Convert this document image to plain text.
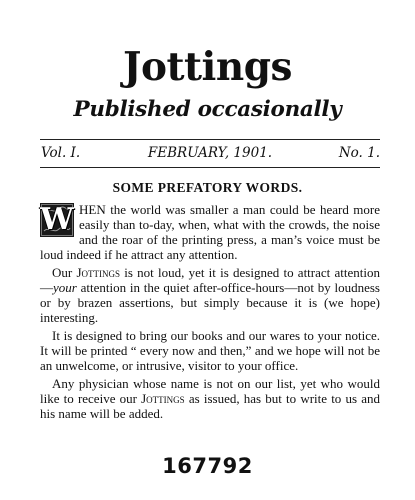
Jottings
Published occasionally
Vol. I.	FEBRUARY, 1901.	No. 1.
SOME PREFATORY WORDS.

W HEN the world was smaller a man could be heard more easily than to-day, when, what with the crowds, the noise and the roar of the printing press, a man’s voice must be loud indeed if he attract any attention.

Our Jottings is not loud, yet it is designed to attract attention—your attention in the quiet after-office-hours—not by loudness or by brazen assertions, but simply because it is (we hope) interesting.

It is designed to bring our books and our wares to your notice. It will be printed “ every now and then,” and we hope will not be an unwelcome, or intrusive, visitor to your office.

Any physician whose name is not on our list, yet who would like to receive our Jottings as issued, has but to write to us and his name will be added.

167792
